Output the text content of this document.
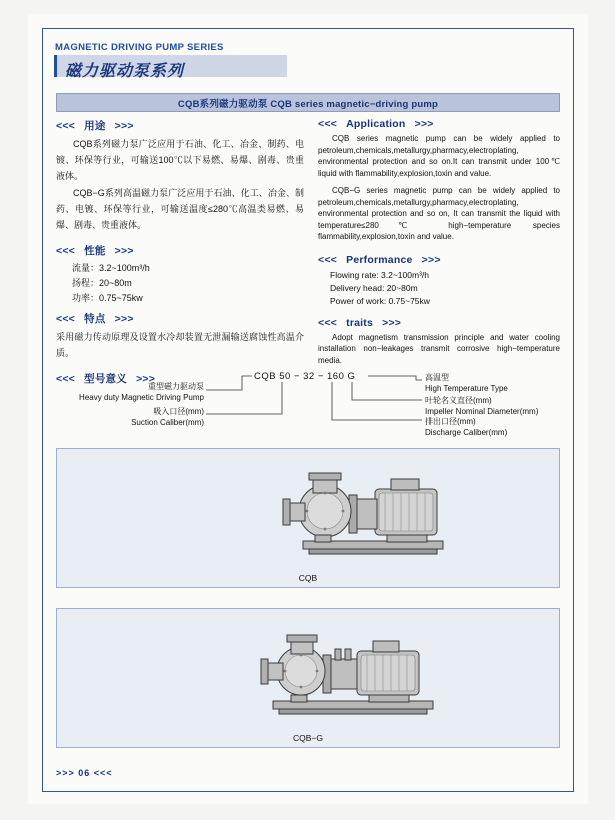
MAGNETIC DRIVING PUMP SERIES
磁力驱动泵系列
CQB系列磁力驱动泵 CQB series magnetic−driving pump
<<< 用途 >>>

CQB系列磁力泵广泛应用于石油、化工、冶金、制药、电镀、环保等行业，可输送100℃以下易燃、易爆、剧毒、贵重液体。

CQB−G系列高温磁力泵广泛应用于石油、化工、冶金、制药、电镀、环保等行业，可输送温度≤280℃高温类易燃、易爆、剧毒、贵重液体。

<<< 性能 >>>
流量：3.2~100m³/h
扬程：20~80m
功率：0.75~75kw
<<< 特点 >>>

采用磁力传动原理及设置水冷却装置无泄漏输送腐蚀性高温介质。

<<< 型号意义 >>>
<<< Application >>>

CQB series magnetic pump can be widely applied to petroleum,chemicals,metallurgy,pharmacy,electroplating, environmental protection and so on.It can transmit under 100℃ liquid with flammability,explosion,toxin and value.

CQB−G series magnetic pump can be widely applied to petroleum,chemicals,metallurgy,pharmacy,electroplating, environmental protection and so on, It can transmit the liquid with temperature≤280℃ high−temperature species flammability,explosion,toxin and value.

<<< Performance >>>
Flowing rate: 3.2~100m³/h
Delivery head: 20~80m
Power of work: 0.75~75kw
<<< traits >>>

Adopt magnetism transmission principle and water cooling installation non−leakages transmit corrosive high−temperature media.

CQB 50 − 32 − 160 G
重型磁力驱动泵
Heavy duty Magnetic Driving Pump
吸入口径(mm)
Suction Caliber(mm)
高温型
High Temperature Type
叶轮名义直径(mm)
Impeller Nominal Diameter(mm)
排出口径(mm)
Discharge Caliber(mm)
CQB
CQB−G
>>> 06 <<<
